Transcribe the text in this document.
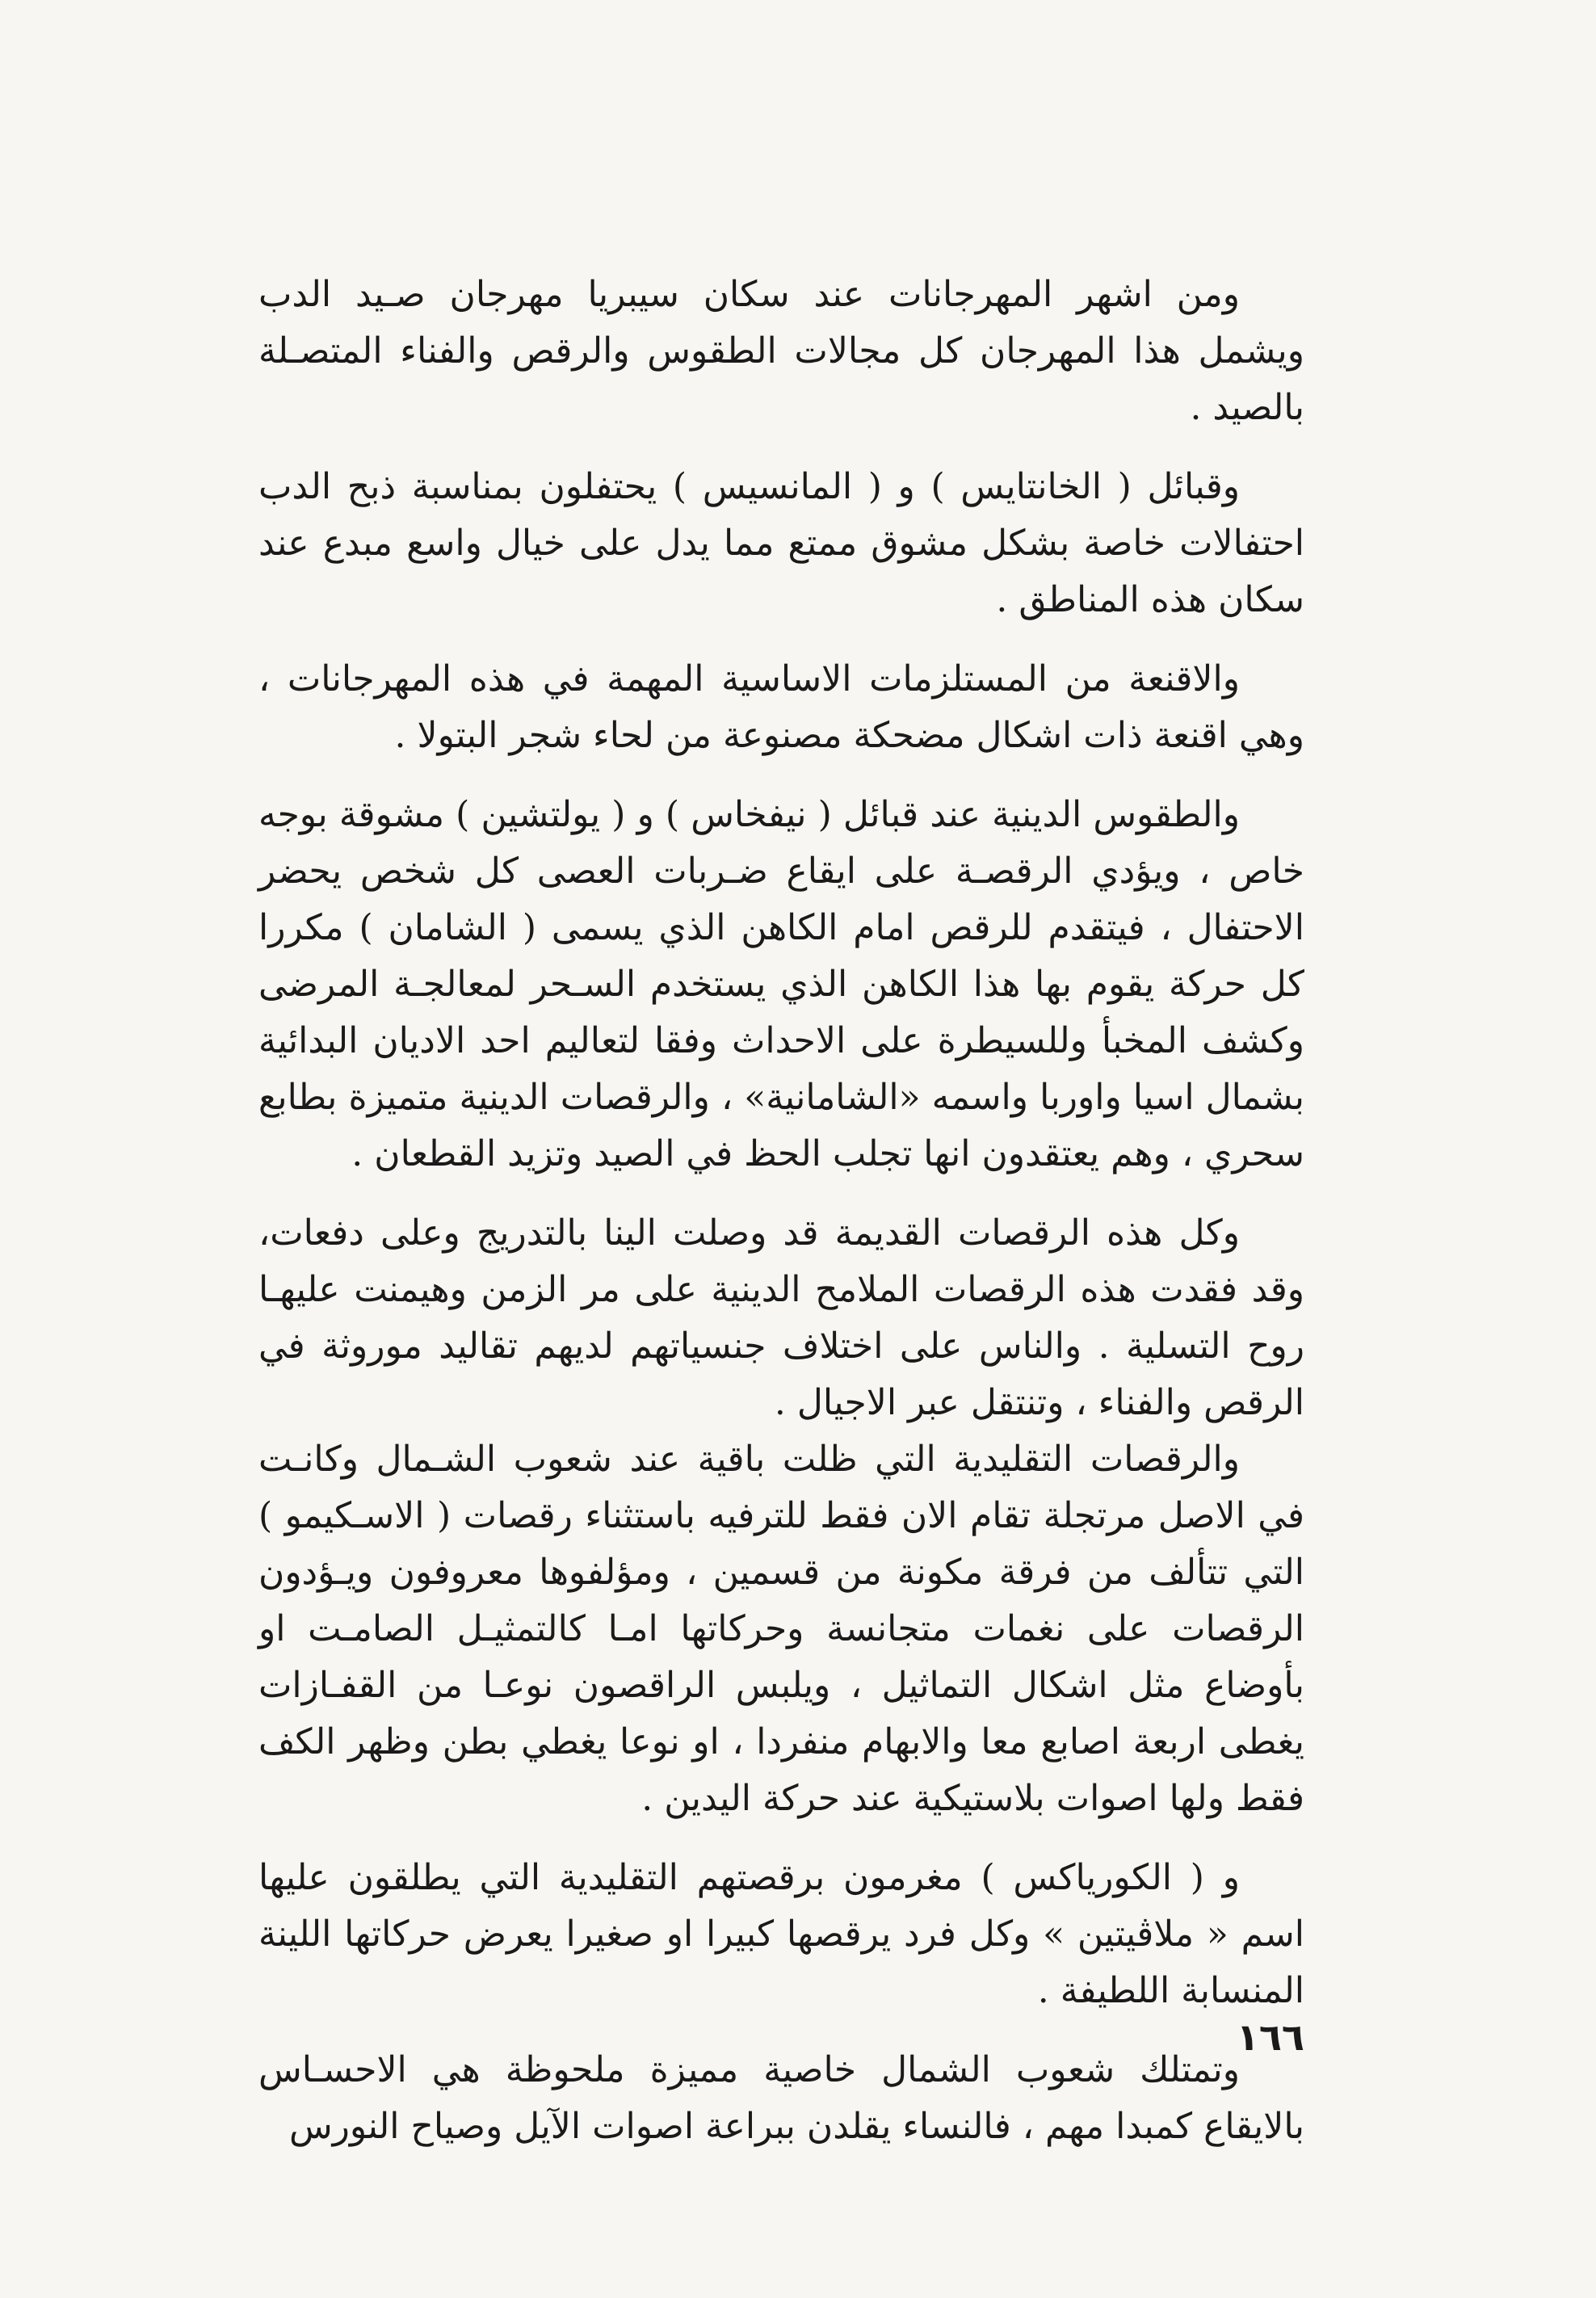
ومن اشهر المهرجانات عند سكان سيبريا مهرجان صـيد الدب ويشمل هذا المهرجان كل مجالات الطقوس والرقص والفناء المتصـلة بالصيد .

وقبائل ( الخانتايس ) و ( المانسيس ) يحتفلون بمناسبة ذبح الدب احتفالات خاصة بشكل مشوق ممتع مما يدل على خيال واسع مبدع عند سكان هذه المناطق .

والاقنعة من المستلزمات الاساسية المهمة في هذه المهرجانات ، وهي اقنعة ذات اشكال مضحكة مصنوعة من لحاء شجر البتولا .

والطقوس الدينية عند قبائل ( نيفخاس ) و ( يولتشين ) مشوقة بوجه خاص ، ويؤدي الرقصـة على ايقاع ضـربات العصى كل شخص يحضر الاحتفال ، فيتقدم للرقص امام الكاهن الذي يسمى ( الشامان ) مكررا كل حركة يقوم بها هذا الكاهن الذي يستخدم السـحر لمعالجـة المرضى وكشف المخبأ وللسيطرة على الاحداث وفقا لتعاليم احد الاديان البدائية بشمال اسيا واوربا واسمه «الشامانية» ، والرقصات الدينية متميزة بطابع سحري ، وهم يعتقدون انها تجلب الحظ في الصيد وتزيد القطعان .

وكل هذه الرقصات القديمة قد وصلت الينا بالتدريج وعلى دفعات، وقد فقدت هذه الرقصات الملامح الدينية على مر الزمن وهيمنت عليهـا روح التسلية . والناس على اختلاف جنسياتهم لديهم تقاليد موروثة في الرقص والفناء ، وتنتقل عبر الاجيال .

والرقصات التقليدية التي ظلت باقية عند شعوب الشـمال وكانـت في الاصل مرتجلة تقام الان فقط للترفيه باستثناء رقصات ( الاسـكيمو ) التي تتألف من فرقة مكونة من قسمين ، ومؤلفوها معروفون ويـؤدون الرقصات على نغمات متجانسة وحركاتها امـا كالتمثيـل الصامـت او بأوضاع مثل اشكال التماثيل ، ويلبس الراقصون نوعـا من القفـازات يغطى اربعة اصابع معا والابهام منفردا ، او نوعا يغطي بطن وظهر الكف فقط ولها اصوات بلاستيكية عند حركة اليدين .

و ( الكورياكس ) مغرمون برقصتهم التقليدية التي يطلقون عليها اسم « ملاڤيتين » وكل فرد يرقصها كبيرا او صغيرا يعرض حركاتها اللينة المنسابة اللطيفة .

وتمتلك شعوب الشمال خاصية مميزة ملحوظة هي الاحسـاس بالايقاع كمبدا مهم ، فالنساء يقلدن ببراعة اصوات الآيل وصياح النورس

١٦٦
